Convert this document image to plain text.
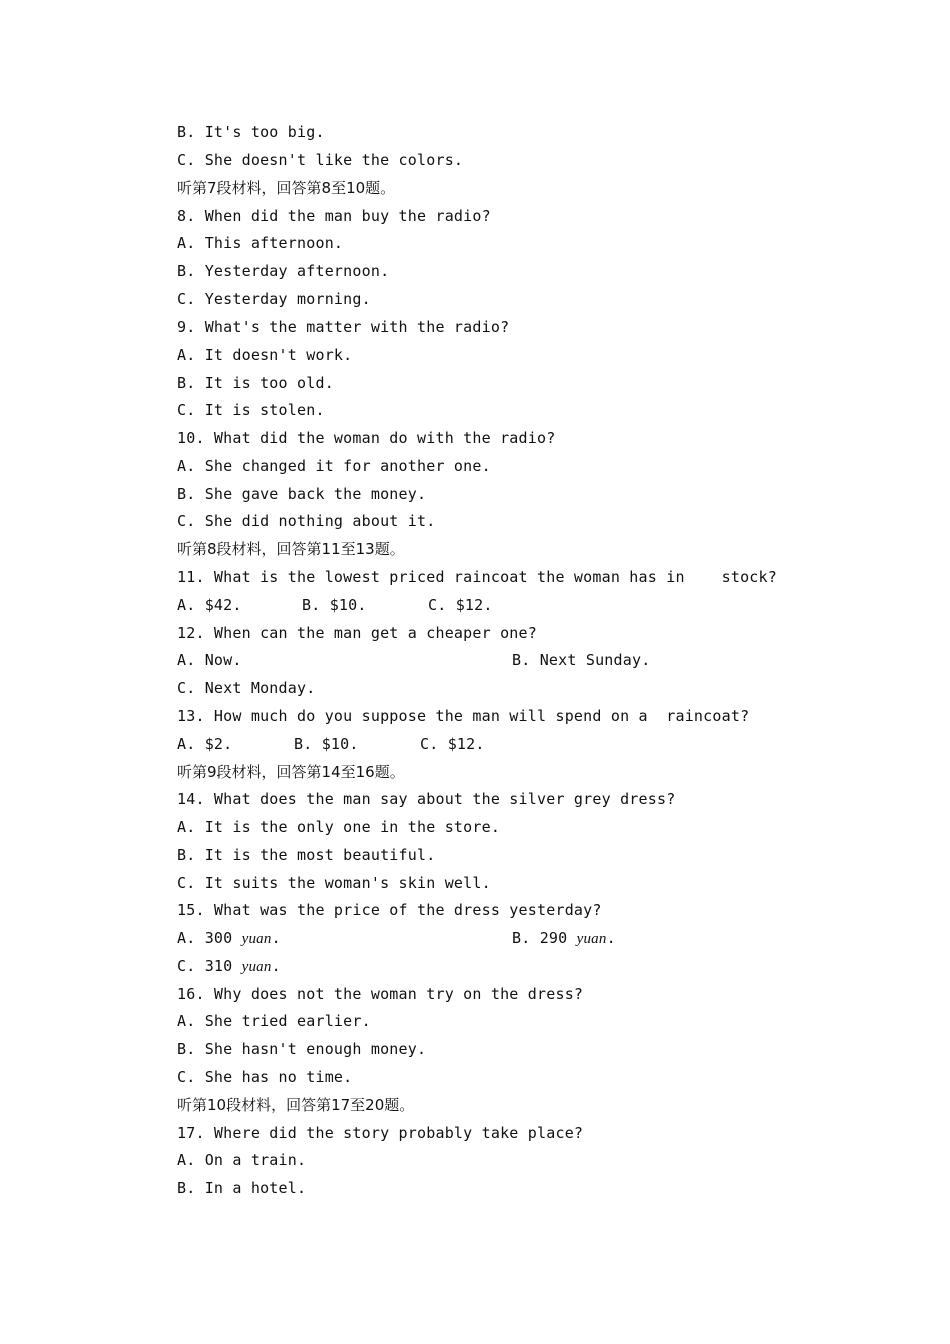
B. It's too big.
C. She doesn't like the colors.
听第7段材料，回答第8至10题。
8. When did the man buy the radio?
A. This afternoon.
B. Yesterday afternoon.
C. Yesterday morning.
9. What's the matter with the radio?
A. It doesn't work.
B. It is too old.
C. It is stolen.
10. What did the woman do with the radio?
A. She changed it for another one.
B. She gave back the money.
C. She did nothing about it.
听第8段材料，回答第11至13题。
11. What is the lowest priced raincoat the woman has in    stock?

A. $42.

	B. $10.

	C. $12.

12. When can the man get a cheaper one?

A. Now.

	B. Next Sunday.

C. Next Monday.
13. How much do you suppose the man will spend on a  raincoat?

A. $2.

	B. $10.

	C. $12.

听第9段材料，回答第14至16题。
14. What does the man say about the silver grey dress?
A. It is the only one in the store.
B. It is the most beautiful.
C. It suits the woman's skin well.
15. What was the price of the dress yesterday?

A. 300 yuan.

	B. 290 yuan.

C. 310 yuan.
16. Why does not the woman try on the dress?
A. She tried earlier.
B. She hasn't enough money.
C. She has no time.
听第10段材料，回答第17至20题。
17. Where did the story probably take place?
A. On a train.
B. In a hotel.
